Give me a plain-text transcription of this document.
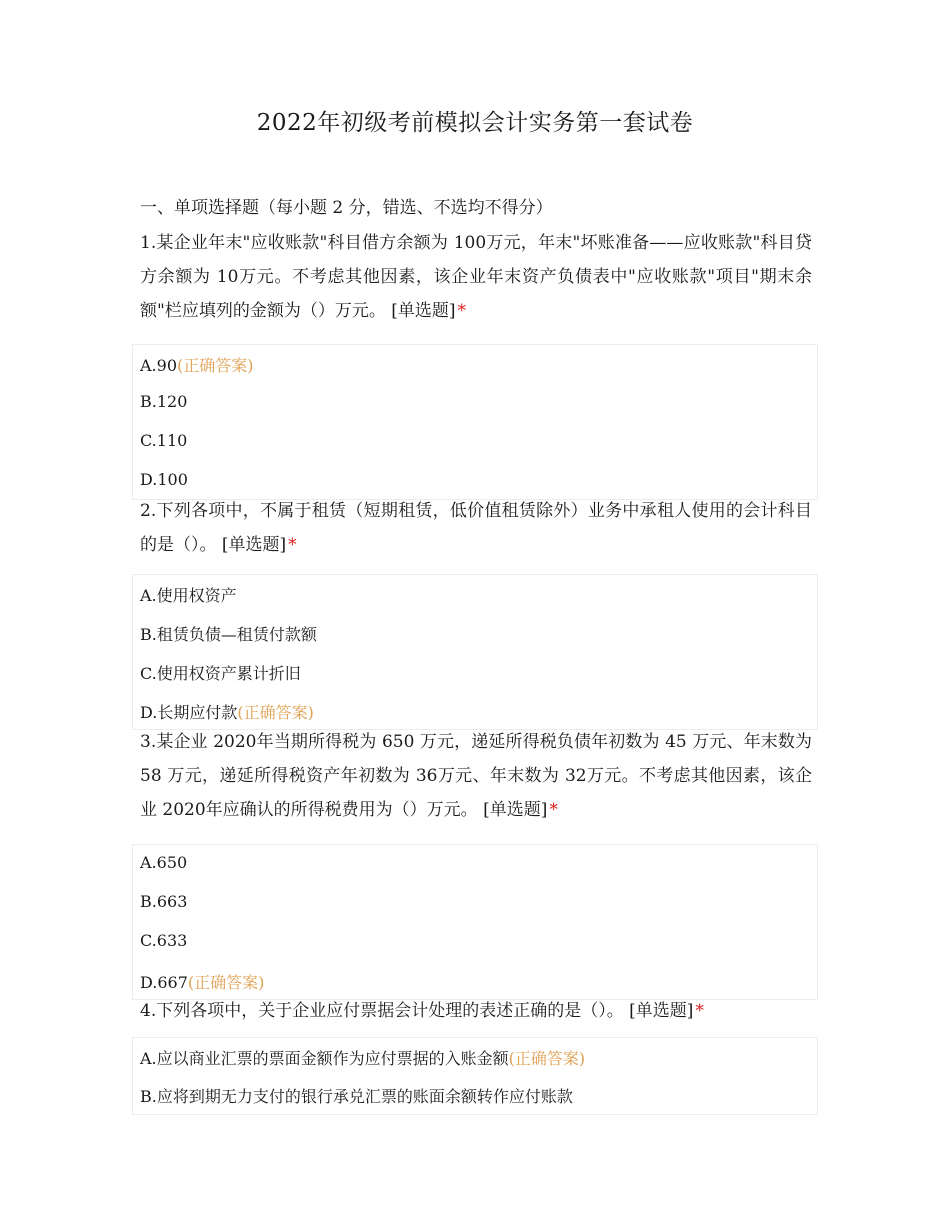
2022年初级考前模拟会计实务第一套试卷
一、单项选择题（每小题 2 分，错选、不选均不得分）
1.某企业年末"应收账款"科目借方余额为 100万元，年末"坏账准备——应收账款"科目贷方余额为 10万元。不考虑其他因素，该企业年末资产负债表中"应收账款"项目"期末余额"栏应填列的金额为（）万元。 [单选题] *
A.90(正确答案)
B.120
C.110
D.100
2.下列各项中，不属于租赁（短期租赁，低价值租赁除外）业务中承租人使用的会计科目的是（）。 [单选题] *
A.使用权资产
B.租赁负债—租赁付款额
C.使用权资产累计折旧
D.长期应付款(正确答案)
3.某企业 2020年当期所得税为 650 万元，递延所得税负债年初数为 45 万元、年末数为 58 万元，递延所得税资产年初数为 36万元、年末数为 32万元。不考虑其他因素，该企业 2020年应确认的所得税费用为（）万元。 [单选题] *
A.650
B.663
C.633
D.667(正确答案)
4.下列各项中，关于企业应付票据会计处理的表述正确的是（）。 [单选题] *
A.应以商业汇票的票面金额作为应付票据的入账金额(正确答案)
B.应将到期无力支付的银行承兑汇票的账面余额转作应付账款
